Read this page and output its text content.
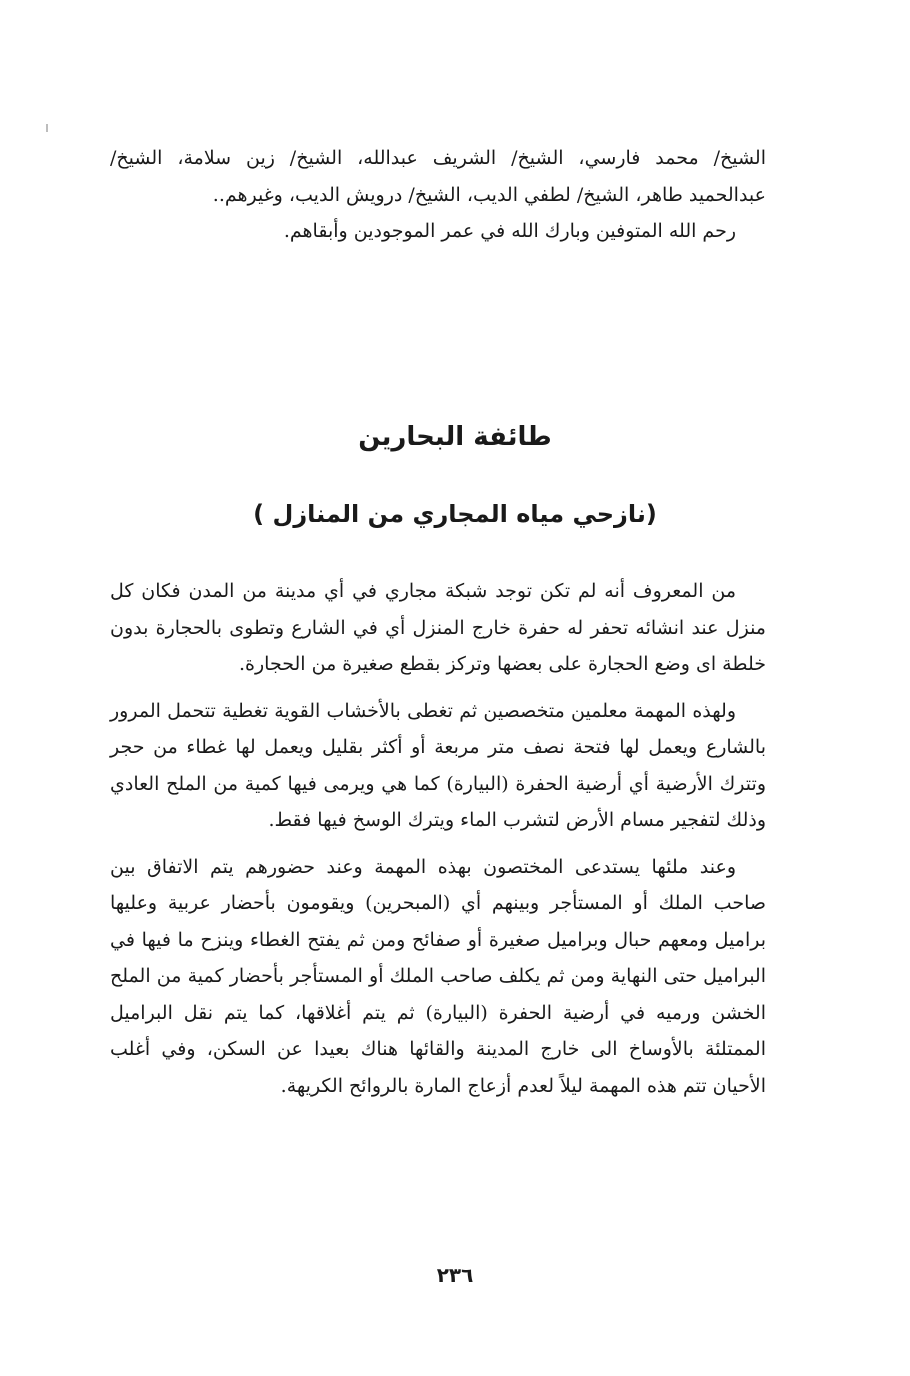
الشيخ/ محمد فارسي، الشيخ/ الشريف عبدالله، الشيخ/ زين سلامة، الشيخ/ عبدالحميد طاهر، الشيخ/ لطفي الديب، الشيخ/ درويش الديب، وغيرهم..

رحم الله المتوفين وبارك الله في عمر الموجودين وأبقاهم.

طائفة البحارين
(نازحي مياه المجاري من المنازل )

من المعروف أنه لم تكن توجد شبكة مجاري في أي مدينة من المدن فكان كل منزل عند انشائه تحفر له حفرة خارج المنزل أي في الشارع وتطوى بالحجارة بدون خلطة اى وضع الحجارة على بعضها وتركز بقطع صغيرة من الحجارة.

ولهذه المهمة معلمين متخصصين ثم تغطى بالأخشاب القوية تغطية تتحمل المرور بالشارع ويعمل لها فتحة نصف متر مربعة أو أكثر بقليل ويعمل لها غطاء من حجر وتترك الأرضية أي أرضية الحفرة (البيارة) كما هي ويرمى فيها كمية من الملح العادي وذلك لتفجير مسام الأرض لتشرب الماء ويترك الوسخ فيها فقط.

وعند ملئها يستدعى المختصون بهذه المهمة وعند حضورهم يتم الاتفاق بين صاحب الملك أو المستأجر وبينهم أي (المبحرين) ويقومون بأحضار عربية وعليها براميل ومعهم حبال وبراميل صغيرة أو صفائح ومن ثم يفتح الغطاء وينزح ما فيها في البراميل حتى النهاية ومن ثم يكلف صاحب الملك أو المستأجر بأحضار كمية من الملح الخشن ورميه في أرضية الحفرة (البيارة) ثم يتم أغلاقها، كما يتم نقل البراميل الممتلئة بالأوساخ الى خارج المدينة والقائها هناك بعيدا عن السكن، وفي أغلب الأحيان تتم هذه المهمة ليلاً لعدم أزعاج المارة بالروائح الكريهة.

٢٣٦
